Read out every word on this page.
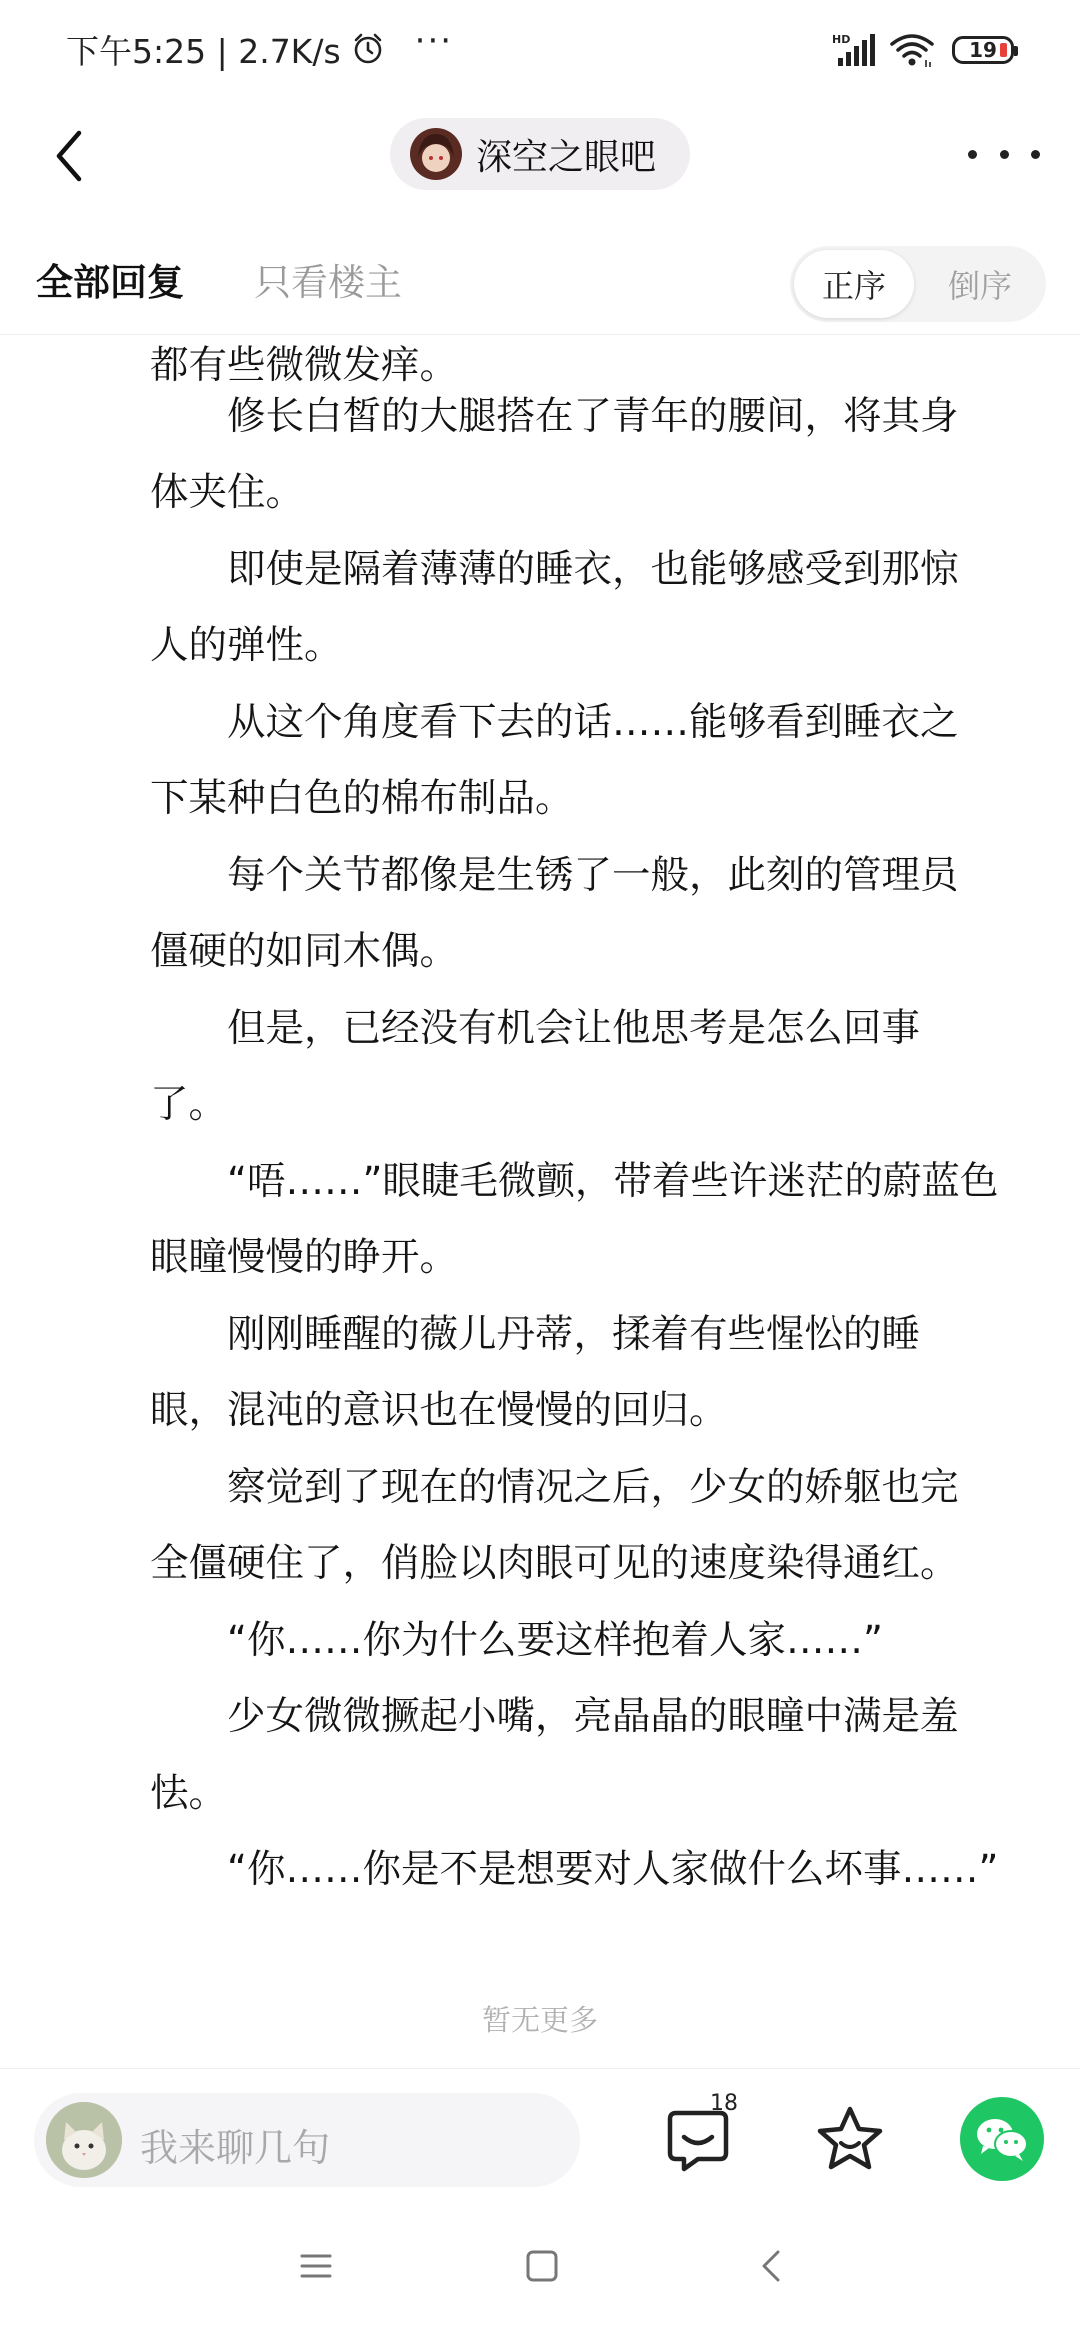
下午5:25 | 2.7K/s ···	HD	19
深空之眼吧
全部回复 只看楼主	正序	倒序
都有些微微发痒。
　　修长白皙的大腿搭在了青年的腰间，将其身
体夹住。
　　即使是隔着薄薄的睡衣，也能够感受到那惊
人的弹性。
　　从这个角度看下去的话……能够看到睡衣之
下某种白色的棉布制品。
　　每个关节都像是生锈了一般，此刻的管理员
僵硬的如同木偶。
　　但是，已经没有机会让他思考是怎么回事
了。
　　“唔……”眼睫毛微颤，带着些许迷茫的蔚蓝色
眼瞳慢慢的睁开。
　　刚刚睡醒的薇儿丹蒂，揉着有些惺忪的睡
眼，混沌的意识也在慢慢的回归。
　　察觉到了现在的情况之后，少女的娇躯也完
全僵硬住了，俏脸以肉眼可见的速度染得通红。
　　“你……你为什么要这样抱着人家……”
　　少女微微撅起小嘴，亮晶晶的眼瞳中满是羞
怯。
　　“你……你是不是想要对人家做什么坏事……”
暂无更多
我来聊几句
18
